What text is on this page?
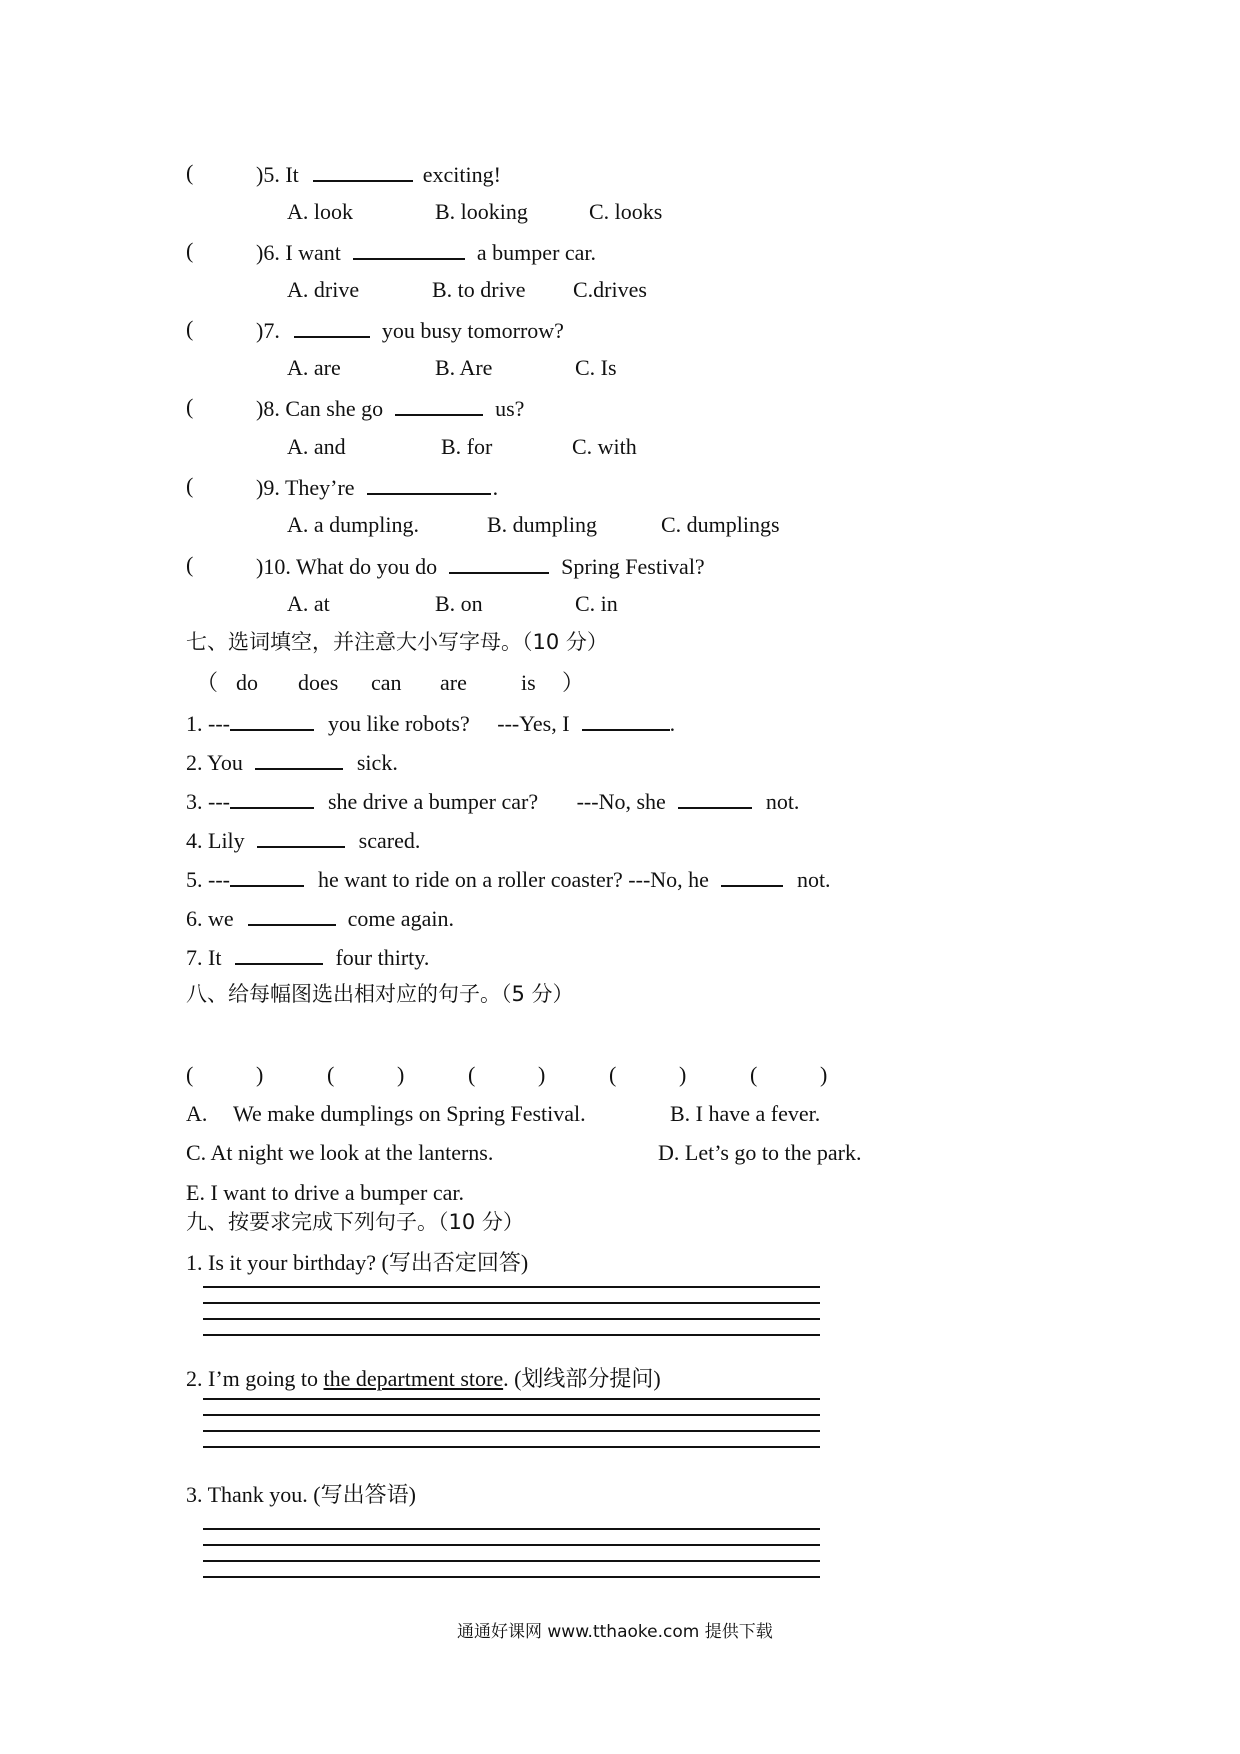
(	)5. It	exciting!
A. look	B. looking	C. looks
(	)6. I want	a bumper car.
A. drive	B. to drive C.drives
(	)7.	you busy tomorrow?
A. are	B. Are	C. Is
(	)8. Can she go	us?
A. and	B. for	C. with
(	)9. They’re	.
A. a dumpling.	B. dumpling	C. dumplings
(	)10. What do you do	Spring Festival?
A. at	B. on	C. in
七、选词填空，并注意大小写字母。（10 分）
（ do does can are is ）
1. ---	you like robots? ---Yes, I	.
2. You	sick.
3. ---	she drive a bumper car? ---No, she	not.
4. Lily	scared.
5. ---	he want to ride on a roller coaster? ---No, he	not.
6. we	come again.
7. It	four thirty.
八、给每幅图选出相对应的句子。（5 分）
(	)	(	)	(	)	(	)	(	)
A. We make dumplings on Spring Festival.	B. I have a fever.
C. At night we look at the lanterns.	D. Let’s go to the park.
E. I want to drive a bumper car.
九、按要求完成下列句子。（10 分）
1. Is it your birthday? (写出否定回答)
2. I’m going to the department store. (划线部分提问)
3. Thank you. (写出答语)
通通好课网 www.tthaoke.com 提供下载
